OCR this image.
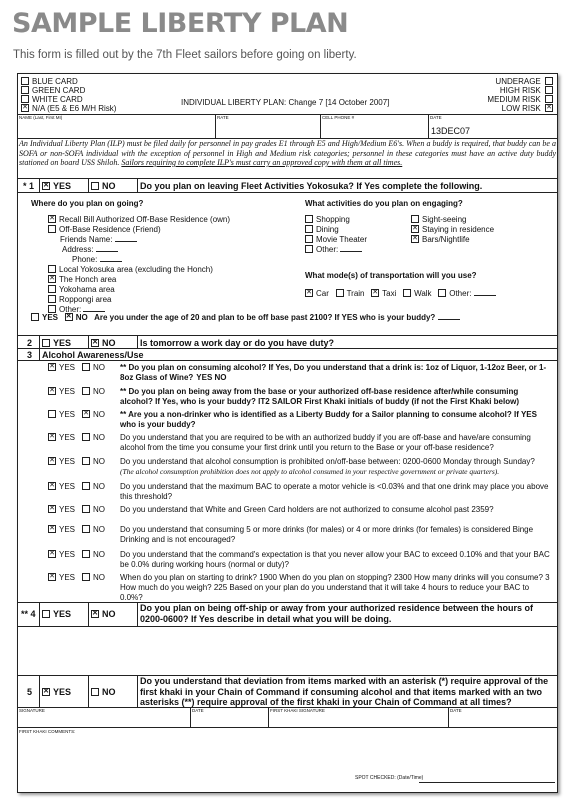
SAMPLE LIBERTY PLAN
This form is filled out by the 7th Fleet sailors before going on liberty.
BLUE CARD
GREEN CARD
WHITE CARD
✕N/A (E5 & E6 M/H Risk)
INDIVIDUAL LIBERTY PLAN: Change 7 [14 October 2007]
UNDERAGE
HIGH RISK
MEDIUM RISK
LOW RISK ✕
NAME (Last, First MI)	RATE	CELL PHONE #	DATE
13DEC07
An Individual Liberty Plan (ILP) must be filed daily for personnel in pay grades E1 through E5 and High/Medium E6's. When a buddy is required, that buddy can be a SOFA or non-SOFA individual with the exception of personnel in High and Medium risk categories; personnel in these categories must have an active duty buddy stationed on board USS Shiloh. Sailors requiring to complete ILP's must carry an approved copy with them at all times.
* 1 ✕	YES	NO	Do you plan on leaving Fleet Activities Yokosuka? If Yes complete the following.
Where do you plan on going?
✕Recall Bill Authorized Off-Base Residence (own)
Off-Base Residence (Friend)
Friends Name:
Address:
Phone:
Local Yokosuka area (excluding the Honch)
✕The Honch area
Yokohama area
Roppongi area
Other:
What activities do you plan on engaging?
Shopping
Dining
Movie Theater
Other:
Sight-seeing
✕Staying in residence
✕Bars/Nightlife
What mode(s) of transportation will you use?
✕Car Train ✕ Taxi Walk Other:
YES ✕ NO Are you under the age of 20 and plan to be off base past 2100? If YES who is your buddy?
2	YES ✕	NO	Is tomorrow a work day or do you have duty?
3 Alcohol Awareness/Use
✕YES	NO ** Do you plan on consuming alcohol? If Yes, Do you understand that a drink is: 1oz of Liquor, 1-12oz Beer, or 1-8oz Glass of Wine? YES NO
✕YES	NO ** Do you plan on being away from the base or your authorized off-base residence after/while consuming alcohol? If Yes, who is your buddy? IT2 SAILOR First Khaki initials of buddy (if not the First Khaki below)
YES ✕	NO ** Are you a non-drinker who is identified as a Liberty Buddy for a Sailor planning to consume alcohol? If YES who is your buddy?
✕YES	NO Do you understand that you are required to be with an authorized buddy if you are off-base and have/are consuming alcohol from the time you consume your first drink until you return to the Base or your off-base residence?
✕YES	NO Do you understand that alcohol consumption is prohibited on/off-base between: 0200-0600 Monday through Sunday?
(The alcohol consumption prohibition does not apply to alcohol consumed in your respective government or private quarters).
✕YES	NO Do you understand that the maximum BAC to operate a motor vehicle is <0.03% and that one drink may place you above this threshold?
✕YES	NO Do you understand that White and Green Card holders are not authorized to consume alcohol past 2359?
✕YES	NO Do you understand that consuming 5 or more drinks (for males) or 4 or more drinks (for females) is considered Binge Drinking and is not encouraged?
✕YES	NO Do you understand that the command's expectation is that you never allow your BAC to exceed 0.10% and that your BAC be 0.0% during working hours (normal or duty)?
✕YES	NO When do you plan on starting to drink? 1900 When do you plan on stopping? 2300 How many drinks will you consume? 3 How much do you weigh? 225 Based on your plan do you understand that it will take 4 hours to reduce your BAC to 0.0%?
** 4	YES ✕	NO
Do you plan on being off-ship or away from your authorized residence between the hours of 0200-0600? If Yes describe in detail what you will be doing.
5 ✕	YES	NO
Do you understand that deviation from items marked with an asterisk (*) require approval of the first khaki in your Chain of Command if consuming alcohol and that items marked with an two asterisks (**) require approval of the first khaki in your Chain of Command at all times?
SIGNATURE	DATE	FIRST KHAKI SIGNATURE	DATE
FIRST KHAKI COMMENTS:
SPOT CHECKED: (Date/Time)
